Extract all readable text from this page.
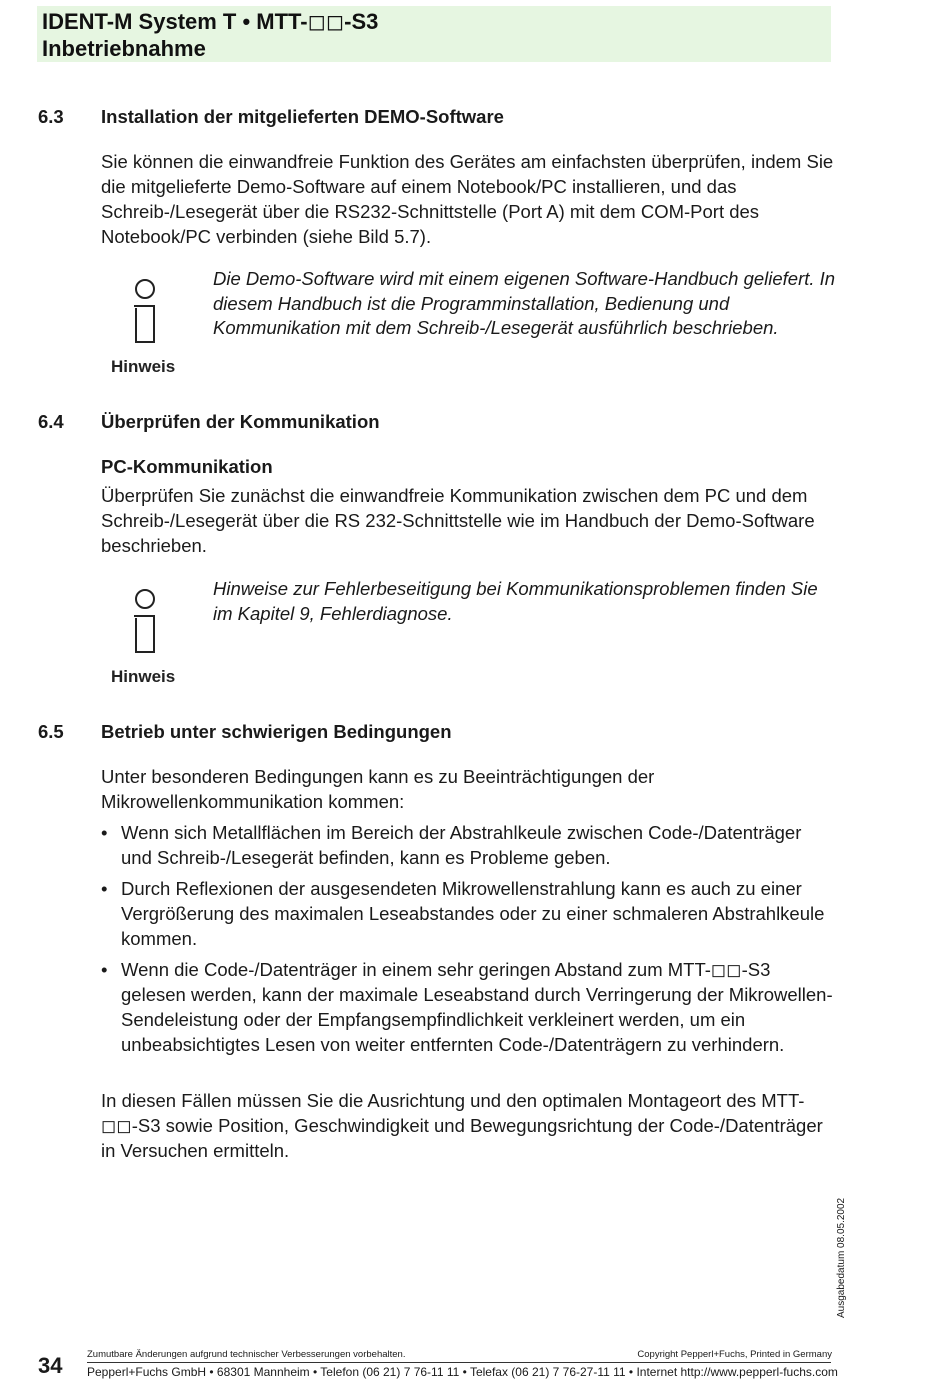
IDENT-M System T • MTT-◻◻-S3
Inbetriebnahme
6.3 Installation der mitgelieferten DEMO-Software

Sie können die einwandfreie Funktion des Gerätes am einfachsten überprüfen, indem Sie die mitgelieferte Demo-Software auf einem Notebook/PC installieren, und das Schreib-/Lesegerät über die RS232-Schnittstelle (Port A) mit dem COM-Port des Notebook/PC verbinden (siehe Bild 5.7).

Hinweis

Die Demo-Software wird mit einem eigenen Software-Handbuch geliefert. In diesem Handbuch ist die Programminstallation, Bedienung und Kommunikation mit dem Schreib-/Lesegerät ausführlich beschrieben.

6.4 Überprüfen der Kommunikation
PC-Kommunikation

Überprüfen Sie zunächst die einwandfreie Kommunikation zwischen dem PC und dem Schreib-/Lesegerät über die RS 232-Schnittstelle wie im Handbuch der Demo-Software beschrieben.

Hinweis

Hinweise zur Fehlerbeseitigung bei Kommunikationsproblemen finden Sie im Kapitel 9, Fehlerdiagnose.

6.5 Betrieb unter schwierigen Bedingungen

Unter besonderen Bedingungen kann es zu Beeinträchtigungen der Mikrowellenkommunikation kommen:

• Wenn sich Metallflächen im Bereich der Abstrahlkeule zwischen Code-/Datenträger und Schreib-/Lesegerät befinden, kann es Probleme geben.
• Durch Reflexionen der ausgesendeten Mikrowellenstrahlung kann es auch zu einer Vergrößerung des maximalen Leseabstandes oder zu einer schmaleren Abstrahlkeule kommen.
• Wenn die Code-/Datenträger in einem sehr geringen Abstand zum MTT-◻◻-S3 gelesen werden, kann der maximale Leseabstand durch Verringerung der Mikrowellen-Sendeleistung oder der Empfangsempfindlichkeit verkleinert werden, um ein unbeabsichtigtes Lesen von weiter entfernten Code-/Datenträgern zu verhindern.

In diesen Fällen müssen Sie die Ausrichtung und den optimalen Montageort des MTT-◻◻-S3 sowie Position, Geschwindigkeit und Bewegungsrichtung der Code-/Datenträger in Versuchen ermitteln.

Ausgabedatum 08.05.2002
34	Zumutbare Änderungen aufgrund technischer Verbesserungen vorbehalten.	Copyright Pepperl+Fuchs, Printed in Germany
Pepperl+Fuchs GmbH • 68301 Mannheim • Telefon (06 21) 7 76-11 11 • Telefax (06 21) 7 76-27-11 11 • Internet http://www.pepperl-fuchs.com
